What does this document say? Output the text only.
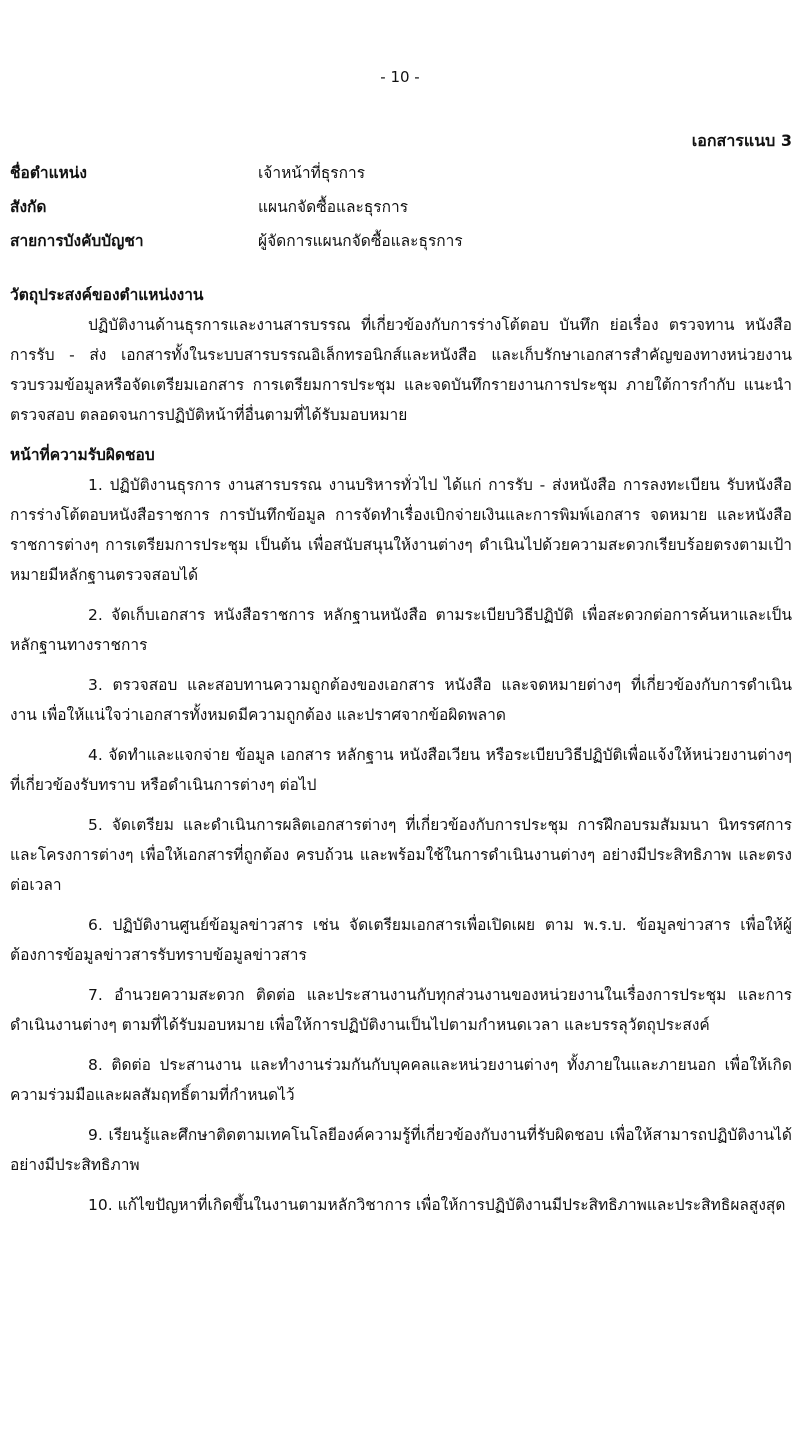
- 10 -
เอกสารแนบ 3
ชื่อตำแหน่ง	เจ้าหน้าที่ธุรการ
สังกัด	แผนกจัดซื้อและธุรการ
สายการบังคับบัญชา	ผู้จัดการแผนกจัดซื้อและธุรการ

วัตถุประสงค์ของตำแหน่งงาน

ปฏิบัติงานด้านธุรการและงานสารบรรณ ที่เกี่ยวข้องกับการร่างโต้ตอบ บันทึก ย่อเรื่อง ตรวจทาน หนังสือ การรับ - ส่ง เอกสารทั้งในระบบสารบรรณอิเล็กทรอนิกส์และหนังสือ และเก็บรักษาเอกสารสำคัญของทางหน่วยงาน รวบรวมข้อมูลหรือจัดเตรียมเอกสาร การเตรียมการประชุม และจดบันทึกรายงานการประชุม ภายใต้การกำกับ แนะนำ ตรวจสอบ ตลอดจนการปฏิบัติหน้าที่อื่นตามที่ได้รับมอบหมาย

หน้าที่ความรับผิดชอบ

1. ปฏิบัติงานธุรการ งานสารบรรณ งานบริหารทั่วไป ได้แก่ การรับ - ส่งหนังสือ การลงทะเบียน รับหนังสือ การร่างโต้ตอบหนังสือราชการ การบันทึกข้อมูล การจัดทำเรื่องเบิกจ่ายเงินและการพิมพ์เอกสาร จดหมาย และหนังสือราชการต่างๆ การเตรียมการประชุม เป็นต้น เพื่อสนับสนุนให้งานต่างๆ ดำเนินไปด้วยความสะดวกเรียบร้อยตรงตามเป้าหมายมีหลักฐานตรวจสอบได้

2. จัดเก็บเอกสาร หนังสือราชการ หลักฐานหนังสือ ตามระเบียบวิธีปฏิบัติ เพื่อสะดวกต่อการค้นหาและเป็นหลักฐานทางราชการ

3. ตรวจสอบ และสอบทานความถูกต้องของเอกสาร หนังสือ และจดหมายต่างๆ ที่เกี่ยวข้องกับการดำเนินงาน เพื่อให้แน่ใจว่าเอกสารทั้งหมดมีความถูกต้อง และปราศจากข้อผิดพลาด

4. จัดทำและแจกจ่าย ข้อมูล เอกสาร หลักฐาน หนังสือเวียน หรือระเบียบวิธีปฏิบัติเพื่อแจ้งให้หน่วยงานต่างๆ ที่เกี่ยวข้องรับทราบ หรือดำเนินการต่างๆ ต่อไป

5. จัดเตรียม และดำเนินการผลิตเอกสารต่างๆ ที่เกี่ยวข้องกับการประชุม การฝึกอบรมสัมมนา นิทรรศการ และโครงการต่างๆ เพื่อให้เอกสารที่ถูกต้อง ครบถ้วน และพร้อมใช้ในการดำเนินงานต่างๆ อย่างมีประสิทธิภาพ และตรงต่อเวลา

6. ปฏิบัติงานศูนย์ข้อมูลข่าวสาร เช่น จัดเตรียมเอกสารเพื่อเปิดเผย ตาม พ.ร.บ. ข้อมูลข่าวสาร เพื่อให้ผู้ต้องการข้อมูลข่าวสารรับทราบข้อมูลข่าวสาร

7. อำนวยความสะดวก ติดต่อ และประสานงานกับทุกส่วนงานของหน่วยงานในเรื่องการประชุม และการดำเนินงานต่างๆ ตามที่ได้รับมอบหมาย เพื่อให้การปฏิบัติงานเป็นไปตามกำหนดเวลา และบรรลุวัตถุประสงค์

8. ติดต่อ ประสานงาน และทำงานร่วมกันกับบุคคลและหน่วยงานต่างๆ ทั้งภายในและภายนอก เพื่อให้เกิดความร่วมมือและผลสัมฤทธิ์ตามที่กำหนดไว้

9. เรียนรู้และศึกษาติดตามเทคโนโลยีองค์ความรู้ที่เกี่ยวข้องกับงานที่รับผิดชอบ เพื่อให้สามารถปฏิบัติงานได้อย่างมีประสิทธิภาพ

10. แก้ไขปัญหาที่เกิดขึ้นในงานตามหลักวิชาการ เพื่อให้การปฏิบัติงานมีประสิทธิภาพและประสิทธิผลสูงสุด
